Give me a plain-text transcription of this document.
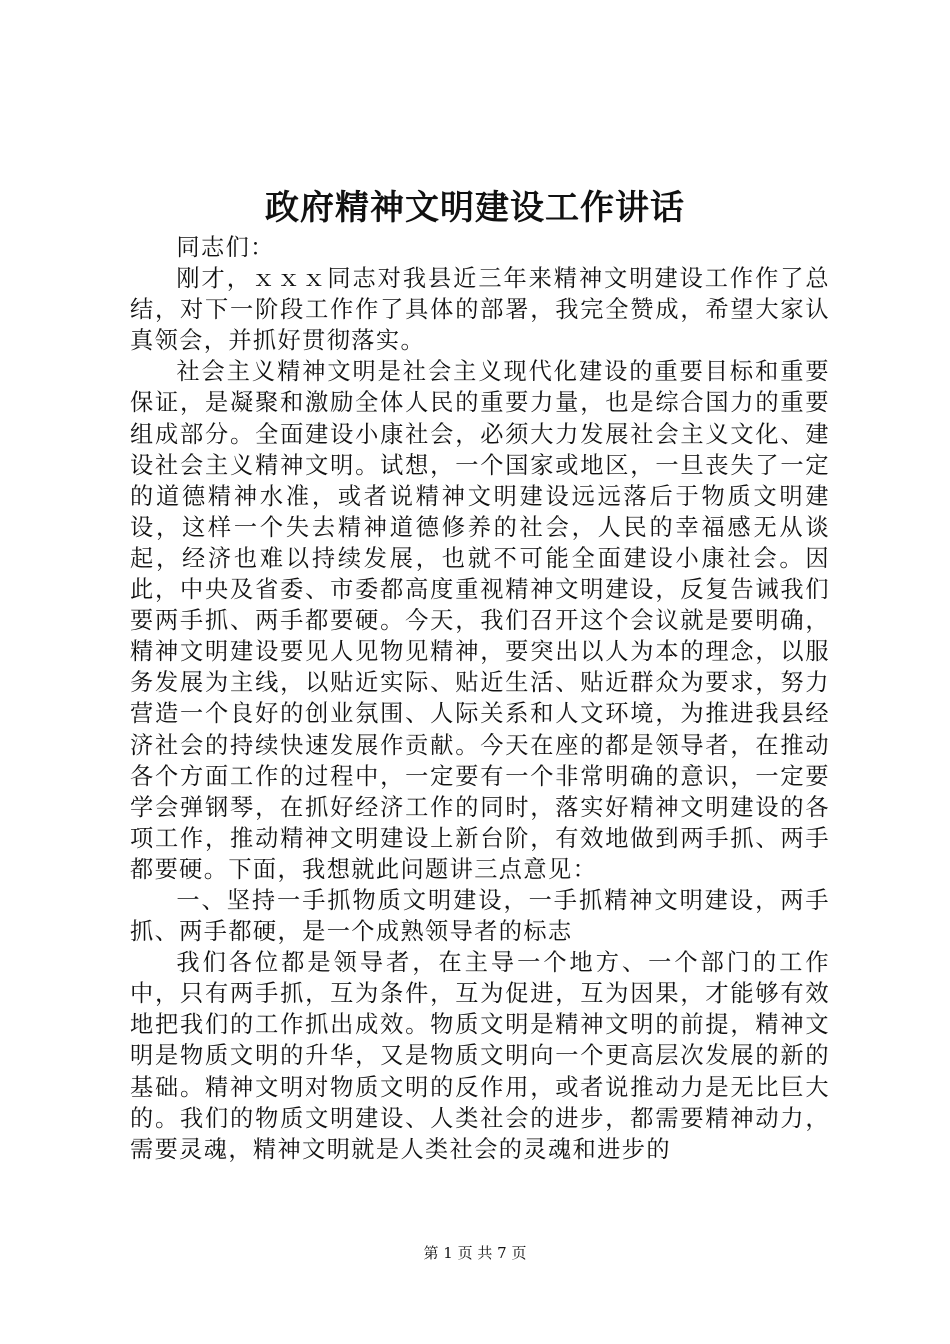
政府精神文明建设工作讲话

同志们：

刚才，ｘｘｘ同志对我县近三年来精神文明建设工作作了总结，对下一阶段工作作了具体的部署，我完全赞成，希望大家认真领会，并抓好贯彻落实。

社会主义精神文明是社会主义现代化建设的重要目标和重要保证，是凝聚和激励全体人民的重要力量，也是综合国力的重要组成部分。全面建设小康社会，必须大力发展社会主义文化、建设社会主义精神文明。试想，一个国家或地区，一旦丧失了一定的道德精神水准，或者说精神文明建设远远落后于物质文明建设，这样一个失去精神道德修养的社会，人民的幸福感无从谈起，经济也难以持续发展，也就不可能全面建设小康社会。因此，中央及省委、市委都高度重视精神文明建设，反复告诫我们要两手抓、两手都要硬。今天，我们召开这个会议就是要明确，精神文明建设要见人见物见精神，要突出以人为本的理念，以服务发展为主线，以贴近实际、贴近生活、贴近群众为要求，努力营造一个良好的创业氛围、人际关系和人文环境，为推进我县经济社会的持续快速发展作贡献。今天在座的都是领导者，在推动各个方面工作的过程中，一定要有一个非常明确的意识，一定要学会弹钢琴，在抓好经济工作的同时，落实好精神文明建设的各项工作，推动精神文明建设上新台阶，有效地做到两手抓、两手都要硬。下面，我想就此问题讲三点意见：

一、坚持一手抓物质文明建设，一手抓精神文明建设，两手抓、两手都硬，是一个成熟领导者的标志

我们各位都是领导者，在主导一个地方、一个部门的工作中，只有两手抓，互为条件，互为促进，互为因果，才能够有效地把我们的工作抓出成效。物质文明是精神文明的前提，精神文明是物质文明的升华，又是物质文明向一个更高层次发展的新的基础。精神文明对物质文明的反作用，或者说推动力是无比巨大的。我们的物质文明建设、人类社会的进步，都需要精神动力，需要灵魂，精神文明就是人类社会的灵魂和进步的

第 1 页 共 7 页
